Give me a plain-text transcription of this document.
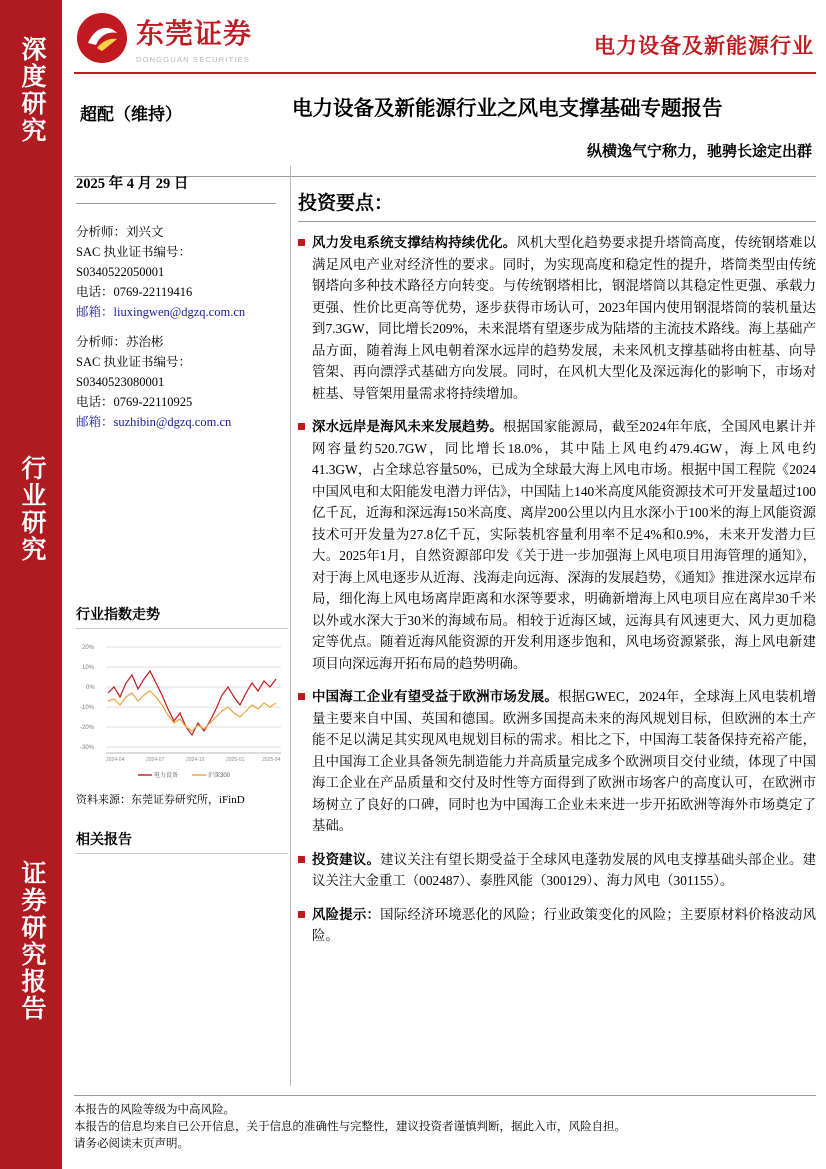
深度研究
行业研究
证券研究报告
东莞证券
DONGGUAN SECURITIES
电力设备及新能源行业
超配（维持）	电力设备及新能源行业之风电支撑基础专题报告
纵横逸气宁称力，驰骋长途定出群
2025 年 4 月 29 日
分析师：刘兴文
SAC 执业证书编号：
S0340522050001
电话：0769-22119416
邮箱：liuxingwen@dgzq.com.cn
分析师：苏治彬
SAC 执业证书编号：
S0340523080001
电话：0769-22110925
邮箱：suzhibin@dgzq.com.cn
行业指数走势
20%
10%
0%
-10%
-20%
-30%
2024-04	2024-07	2024-10	2025-01	2025-04
电力设备	沪深300
资料来源：东莞证券研究所，iFinD
相关报告
投资要点：
风力发电系统支撑结构持续优化。风机大型化趋势要求提升塔筒高度，传统钢塔难以满足风电产业对经济性的要求。同时，为实现高度和稳定性的提升，塔筒类型由传统钢塔向多种技术路径方向转变。与传统钢塔相比，钢混塔筒以其稳定性更强、承载力更强、性价比更高等优势，逐步获得市场认可，2023年国内使用钢混塔筒的装机量达到7.3GW，同比增长209%，未来混塔有望逐步成为陆塔的主流技术路线。海上基础产品方面，随着海上风电朝着深水远岸的趋势发展，未来风机支撑基础将由桩基、向导管架、再向漂浮式基础方向发展。同时，在风机大型化及深远海化的影响下，市场对桩基、导管架用量需求将持续增加。
深水远岸是海风未来发展趋势。根据国家能源局，截至2024年年底，全国风电累计并网容量约520.7GW，同比增长18.0%，其中陆上风电约479.4GW，海上风电约41.3GW，占全球总容量50%，已成为全球最大海上风电市场。根据中国工程院《2024中国风电和太阳能发电潜力评估》，中国陆上140米高度风能资源技术可开发量超过100亿千瓦，近海和深远海150米高度、离岸200公里以内且水深小于100米的海上风能资源技术可开发量为27.8亿千瓦，实际装机容量利用率不足4%和0.9%，未来开发潜力巨大。2025年1月，自然资源部印发《关于进一步加强海上风电项目用海管理的通知》，对于海上风电逐步从近海、浅海走向远海、深海的发展趋势，《通知》推进深水远岸布局，细化海上风电场离岸距离和水深等要求，明确新增海上风电项目应在离岸30千米以外或水深大于30米的海域布局。相较于近海区域，远海具有风速更大、风力更加稳定等优点。随着近海风能资源的开发利用逐步饱和，风电场资源紧张，海上风电新建项目向深远海开拓布局的趋势明确。
中国海工企业有望受益于欧洲市场发展。根据GWEC，2024年，全球海上风电装机增量主要来自中国、英国和德国。欧洲多国提高未来的海风规划目标，但欧洲的本土产能不足以满足其实现风电规划目标的需求。相比之下，中国海工装备保持充裕产能，且中国海工企业具备领先制造能力并高质量完成多个欧洲项目交付业绩，体现了中国海工企业在产品质量和交付及时性等方面得到了欧洲市场客户的高度认可，在欧洲市场树立了良好的口碑，同时也为中国海工企业未来进一步开拓欧洲等海外市场奠定了基础。
投资建议。建议关注有望长期受益于全球风电蓬勃发展的风电支撑基础头部企业。建议关注大金重工（002487）、泰胜风能（300129）、海力风电（301155）。
风险提示：国际经济环境恶化的风险；行业政策变化的风险；主要原材料价格波动风险。
本报告的风险等级为中高风险。
本报告的信息均来自已公开信息，关于信息的准确性与完整性，建议投资者谨慎判断，据此入市，风险自担。
请务必阅读末页声明。
